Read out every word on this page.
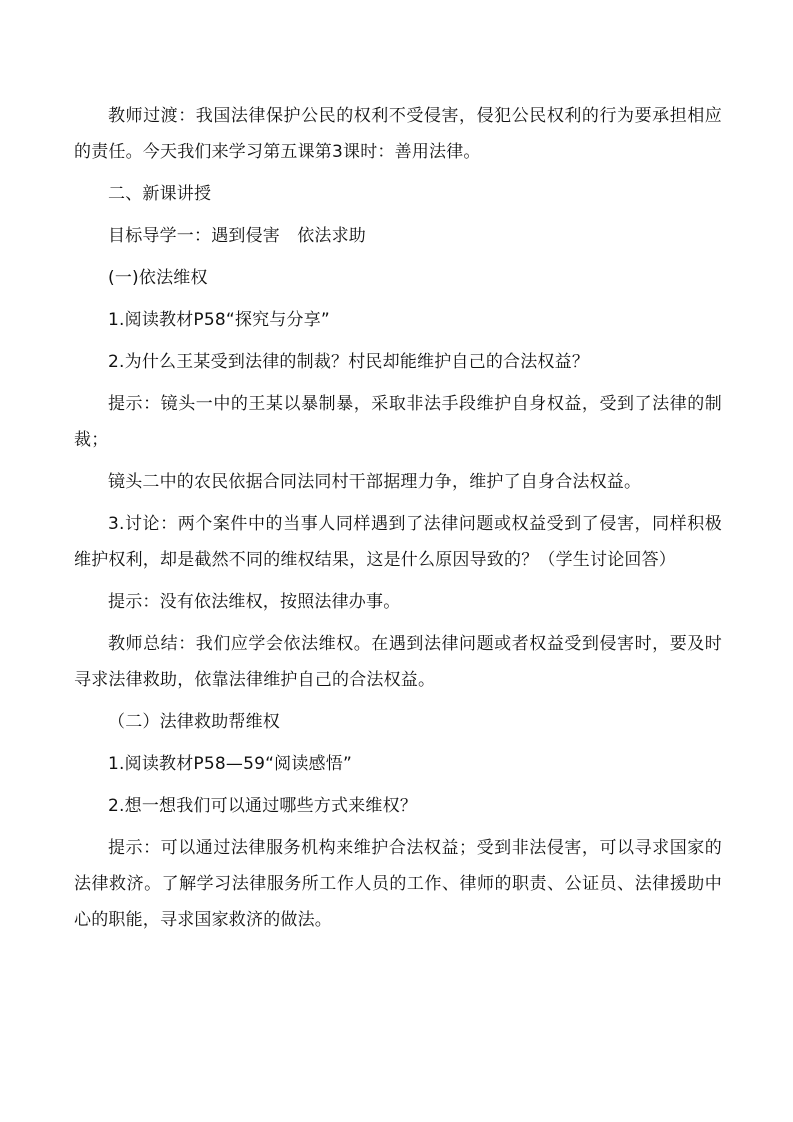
教师过渡：我国法律保护公民的权利不受侵害，侵犯公民权利的行为要承担相应的责任。今天我们来学习第五课第3课时：善用法律。

二、新课讲授

目标导学一：遇到侵害　依法求助

(一)依法维权

1.阅读教材P58“探究与分享”

2.为什么王某受到法律的制裁？村民却能维护自己的合法权益？

提示：镜头一中的王某以暴制暴，采取非法手段维护自身权益，受到了法律的制裁；

镜头二中的农民依据合同法同村干部据理力争，维护了自身合法权益。

3.讨论：两个案件中的当事人同样遇到了法律问题或权益受到了侵害，同样积极维护权利，却是截然不同的维权结果，这是什么原因导致的？（学生讨论回答）

提示：没有依法维权，按照法律办事。

教师总结：我们应学会依法维权。在遇到法律问题或者权益受到侵害时，要及时寻求法律救助，依靠法律维护自己的合法权益。

（二）法律救助帮维权

1.阅读教材P58—59“阅读感悟”

2.想一想我们可以通过哪些方式来维权？

提示：可以通过法律服务机构来维护合法权益；受到非法侵害，可以寻求国家的法律救济。了解学习法律服务所工作人员的工作、律师的职责、公证员、法律援助中心的职能，寻求国家救济的做法。
